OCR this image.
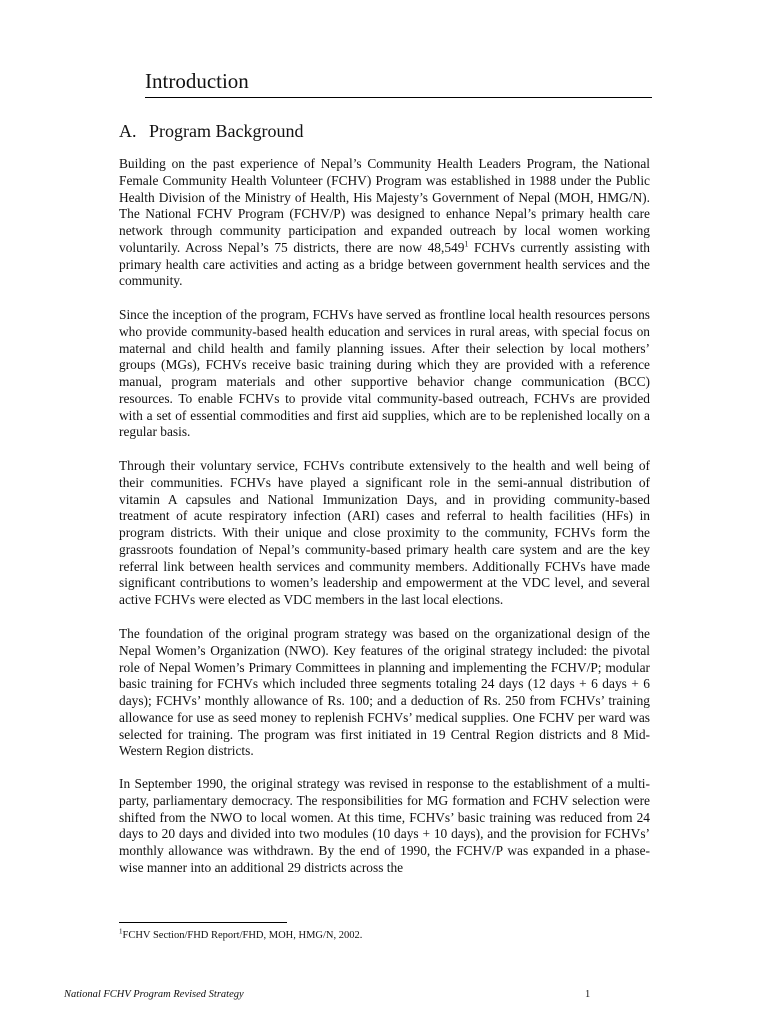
Introduction
A. Program Background

Building on the past experience of Nepal’s Community Health Leaders Program, the National Female Community Health Volunteer (FCHV) Program was established in 1988 under the Public Health Division of the Ministry of Health, His Majesty’s Government of Nepal (MOH, HMG/N). The National FCHV Program (FCHV/P) was designed to enhance Nepal’s primary health care network through community participation and expanded outreach by local women working voluntarily. Across Nepal’s 75 districts, there are now 48,549$^1$ FCHVs currently assisting with primary health care activities and acting as a bridge between government health services and the community.

Since the inception of the program, FCHVs have served as frontline local health resources persons who provide community-based health education and services in rural areas, with special focus on maternal and child health and family planning issues. After their selection by local mothers’ groups (MGs), FCHVs receive basic training during which they are provided with a reference manual, program materials and other supportive behavior change communication (BCC) resources. To enable FCHVs to provide vital community-based outreach, FCHVs are provided with a set of essential commodities and first aid supplies, which are to be replenished locally on a regular basis.

Through their voluntary service, FCHVs contribute extensively to the health and well being of their communities. FCHVs have played a significant role in the semi-annual distribution of vitamin A capsules and National Immunization Days, and in providing community-based treatment of acute respiratory infection (ARI) cases and referral to health facilities (HFs) in program districts. With their unique and close proximity to the community, FCHVs form the grassroots foundation of Nepal’s community-based primary health care system and are the key referral link between health services and community members. Additionally FCHVs have made significant contributions to women’s leadership and empowerment at the VDC level, and several active FCHVs were elected as VDC members in the last local elections.

The foundation of the original program strategy was based on the organizational design of the Nepal Women’s Organization (NWO). Key features of the original strategy included: the pivotal role of Nepal Women’s Primary Committees in planning and implementing the FCHV/P; modular basic training for FCHVs which included three segments totaling 24 days (12 days + 6 days + 6 days); FCHVs’ monthly allowance of Rs. 100; and a deduction of Rs. 250 from FCHVs’ training allowance for use as seed money to replenish FCHVs’ medical supplies. One FCHV per ward was selected for training. The program was first initiated in 19 Central Region districts and 8 Mid-Western Region districts.

In September 1990, the original strategy was revised in response to the establishment of a multi-party, parliamentary democracy. The responsibilities for MG formation and FCHV selection were shifted from the NWO to local women. At this time, FCHVs’ basic training was reduced from 24 days to 20 days and divided into two modules (10 days + 10 days), and the provision for FCHVs’ monthly allowance was withdrawn. By the end of 1990, the FCHV/P was expanded in a phase-wise manner into an additional 29 districts across the

$^1$FCHV Section/FHD Report/FHD, MOH, HMG/N, 2002.

National FCHV Program Revised Strategy	1
